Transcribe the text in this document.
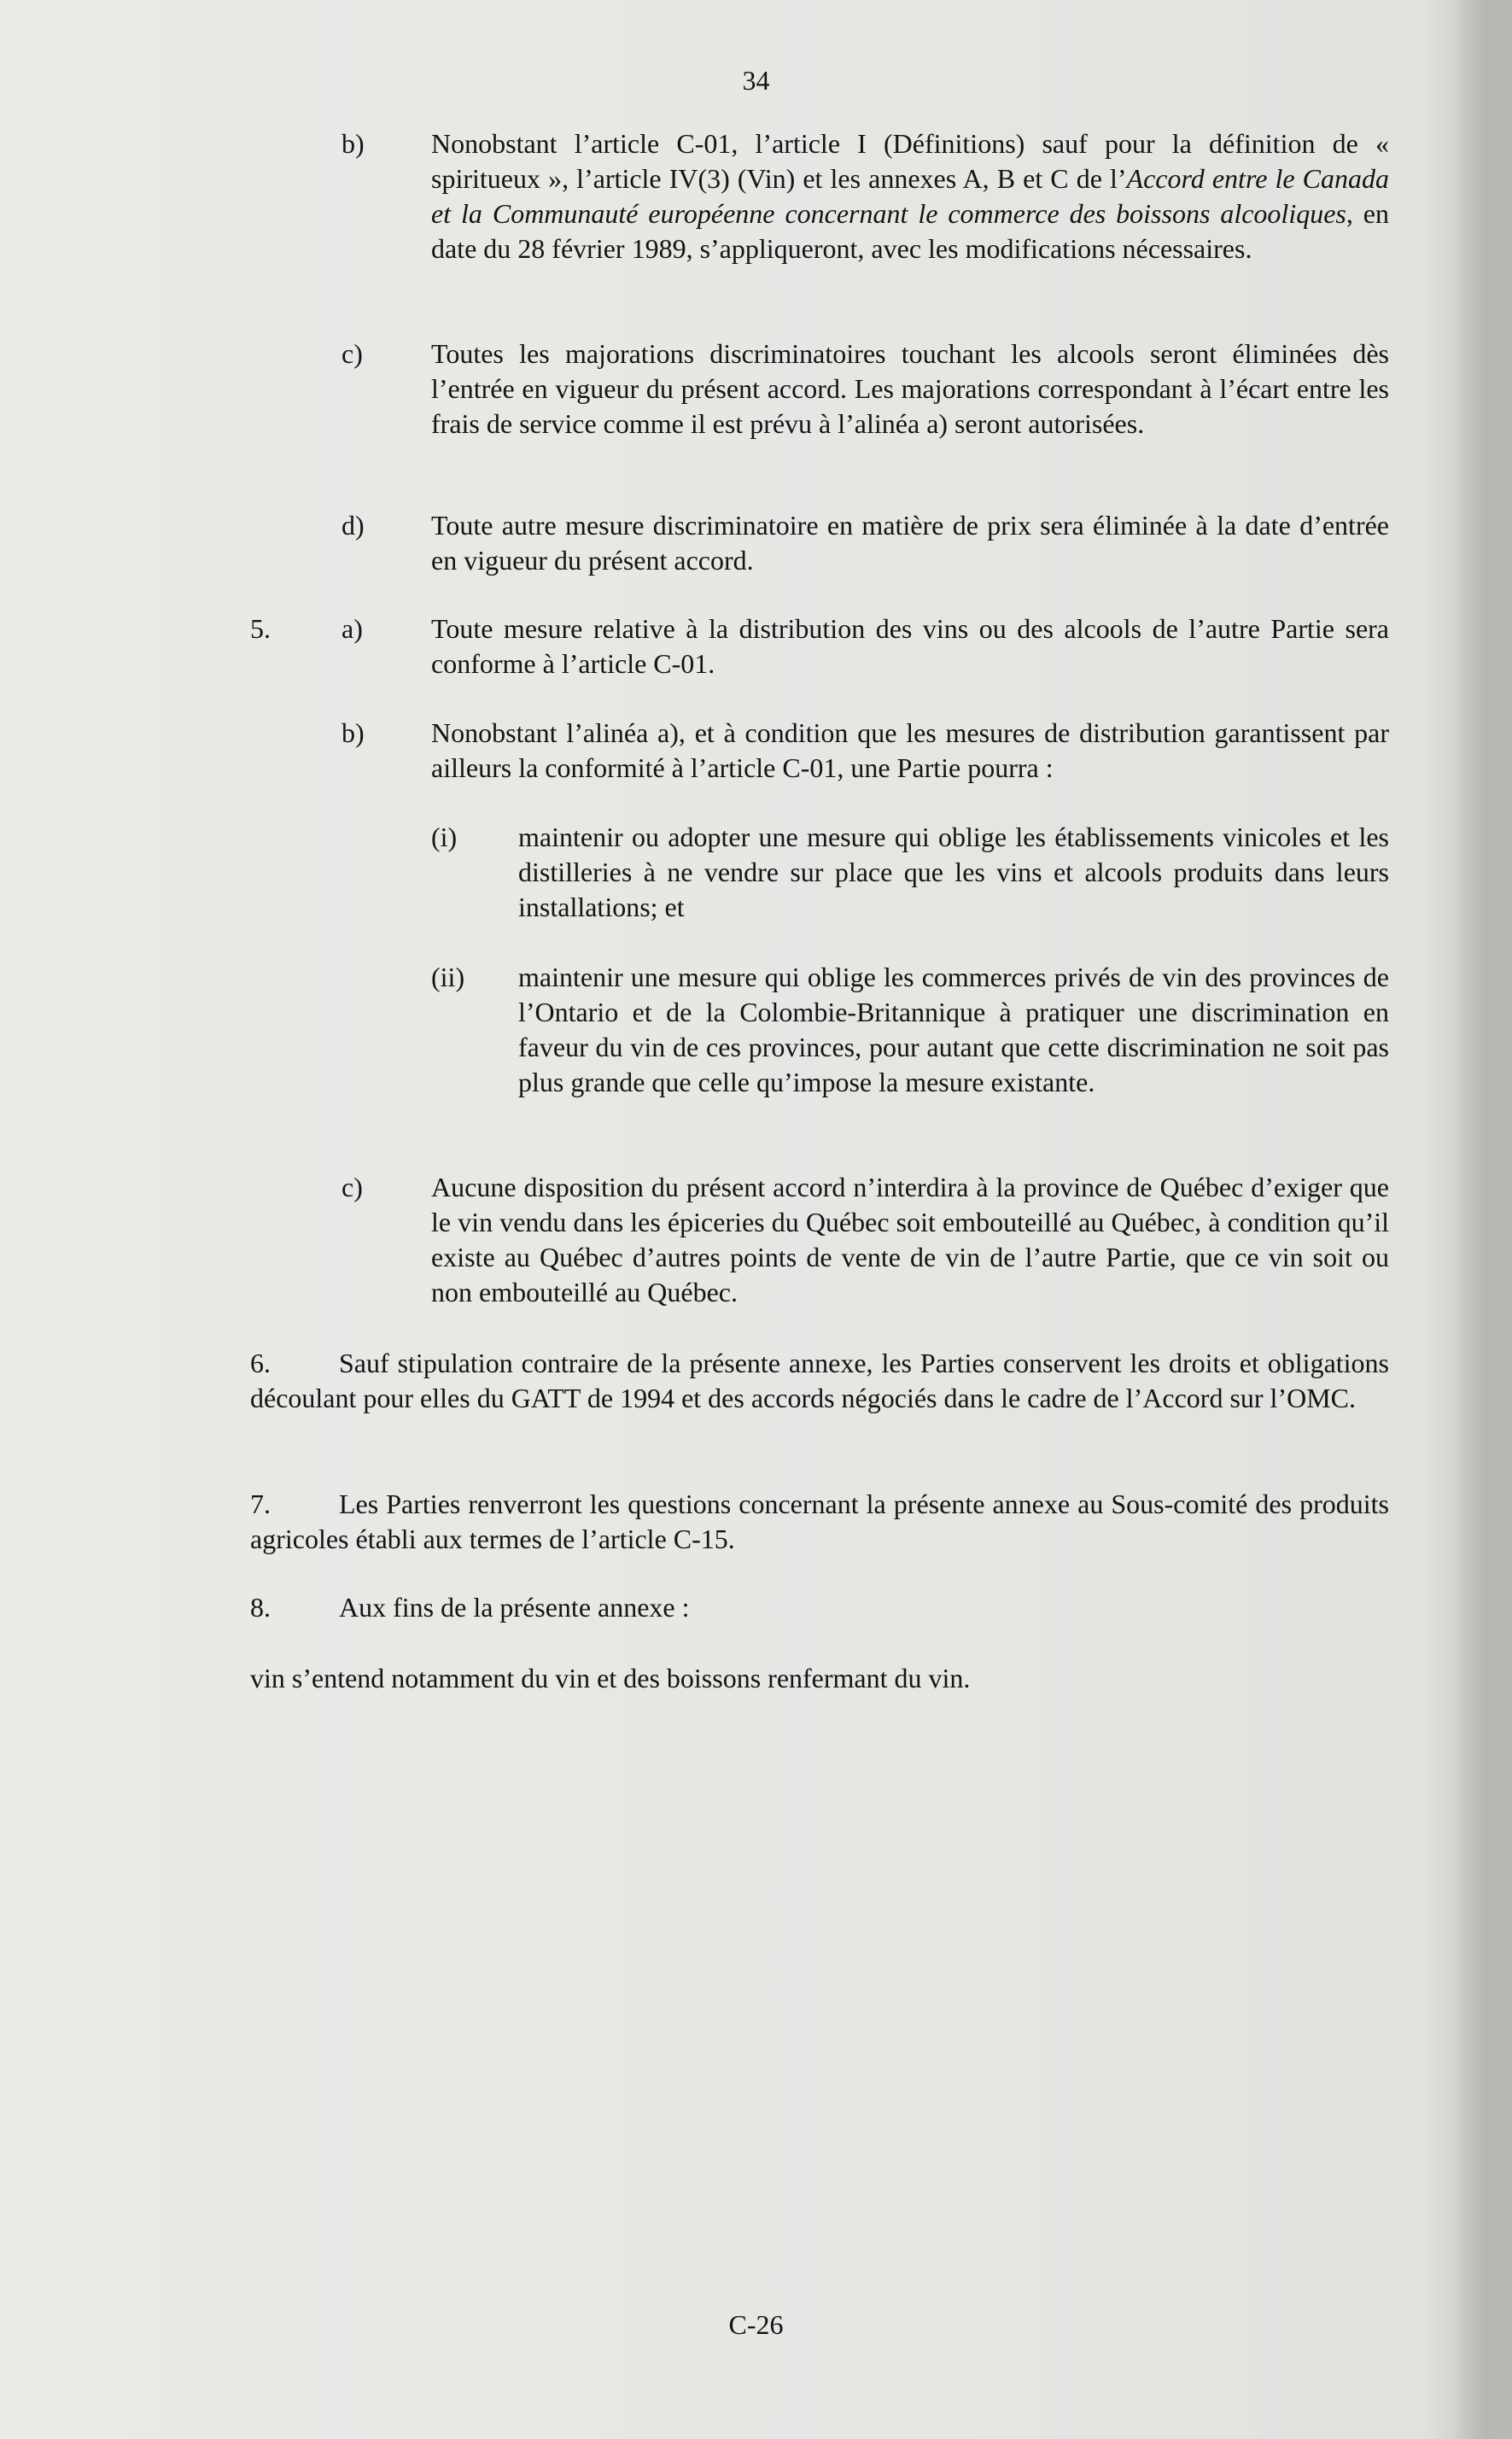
34
b) Nonobstant l’article C-01, l’article I (Définitions) sauf pour la définition de « spiritueux », l’article IV(3) (Vin) et les annexes A, B et C de l’Accord entre le Canada et la Communauté européenne concernant le commerce des boissons alcooliques, en date du 28 février 1989, s’appliqueront, avec les modifications nécessaires.
c)	Toutes les majorations discriminatoires touchant les alcools seront éliminées dès l’entrée en vigueur du présent accord. Les majorations correspondant à l’écart entre les frais de service comme il est prévu à l’alinéa a) seront autorisées.
d) Toute autre mesure discriminatoire en matière de prix sera éliminée à la date d’entrée en vigueur du présent accord.
5.	a)	Toute mesure relative à la distribution des vins ou des alcools de l’autre Partie sera conforme à l’article C-01.
b) Nonobstant l’alinéa a), et à condition que les mesures de distribution garantissent par ailleurs la conformité à l’article C-01, une Partie pourra :
(i) maintenir ou adopter une mesure qui oblige les établissements vinicoles et les distilleries à ne vendre sur place que les vins et alcools produits dans leurs installations; et
(ii) maintenir une mesure qui oblige les commerces privés de vin des provinces de l’Ontario et de la Colombie-Britannique à pratiquer une discrimination en faveur du vin de ces provinces, pour autant que cette discrimination ne soit pas plus grande que celle qu’impose la mesure existante.
c)	Aucune disposition du présent accord n’interdira à la province de Québec d’exiger que le vin vendu dans les épiceries du Québec soit embouteillé au Québec, à condition qu’il existe au Québec d’autres points de vente de vin de l’autre Partie, que ce vin soit ou non embouteillé au Québec.
6.	Sauf stipulation contraire de la présente annexe, les Parties conservent les droits et obligations découlant pour elles du GATT de 1994 et des accords négociés dans le cadre de l’Accord sur l’OMC.
7.	Les Parties renverront les questions concernant la présente annexe au Sous-comité des produits agricoles établi aux termes de l’article C-15.
8.	Aux fins de la présente annexe :
vin s’entend notamment du vin et des boissons renfermant du vin.
C-26
